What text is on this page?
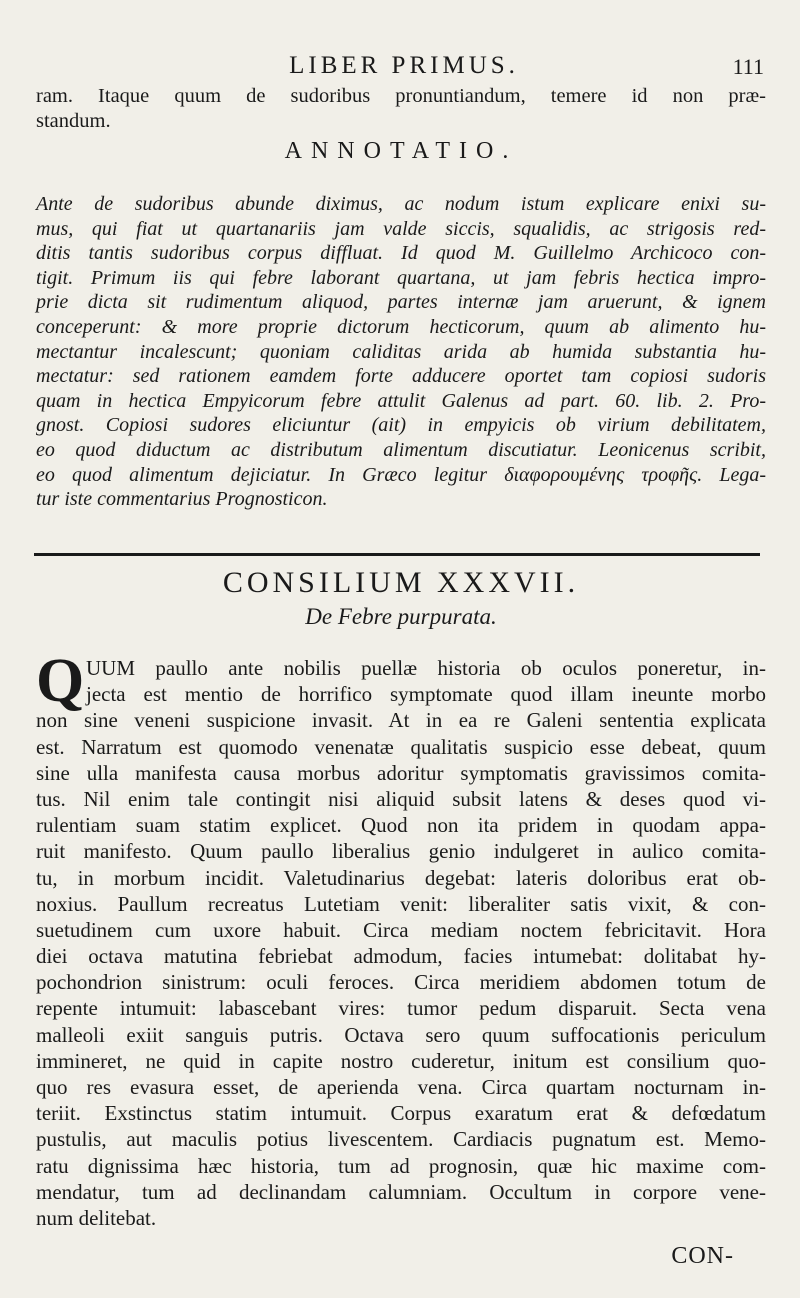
LIBER PRIMUS.	111
ram. Itaque quum de sudoribus pronuntiandum, temere id non præ-
standum.
ANNOTATIO.
Ante de sudoribus abunde diximus, ac nodum istum explicare enixi su-
mus, qui fiat ut quartanariis jam valde siccis, squalidis, ac strigosis red-
ditis tantis sudoribus corpus diffluat. Id quod M. Guillelmo Archicoco con-
tigit. Primum iis qui febre laborant quartana, ut jam febris hectica impro-
prie dicta sit rudimentum aliquod, partes internæ jam aruerunt, & ignem
conceperunt: & more proprie dictorum hecticorum, quum ab alimento hu-
mectantur incalescunt; quoniam caliditas arida ab humida substantia hu-
mectatur: sed rationem eamdem forte adducere oportet tam copiosi sudoris
quam in hectica Empyicorum febre attulit Galenus ad part. 60. lib. 2. Pro-
gnost. Copiosi sudores eliciuntur (ait) in empyicis ob virium debilitatem,
eo quod diductum ac distributum alimentum discutiatur. Leonicenus scribit,
eo quod alimentum dejiciatur. In Græco legitur διαφορουμένης τροφῆς. Lega-
tur iste commentarius Prognosticon.
CONSILIUM XXXVII.
De Febre purpurata.
Q UUM paullo ante nobilis puellæ historia ob oculos poneretur, in-
jecta est mentio de horrifico symptomate quod illam ineunte morbo
non sine veneni suspicione invasit. At in ea re Galeni sententia explicata
est. Narratum est quomodo venenatæ qualitatis suspicio esse debeat, quum
sine ulla manifesta causa morbus adoritur symptomatis gravissimos comita-
tus. Nil enim tale contingit nisi aliquid subsit latens & deses quod vi-
rulentiam suam statim explicet. Quod non ita pridem in quodam appa-
ruit manifesto. Quum paullo liberalius genio indulgeret in aulico comita-
tu, in morbum incidit. Valetudinarius degebat: lateris doloribus erat ob-
noxius. Paullum recreatus Lutetiam venit: liberaliter satis vixit, & con-
suetudinem cum uxore habuit. Circa mediam noctem febricitavit. Hora
diei octava matutina febriebat admodum, facies intumebat: dolitabat hy-
pochondrion sinistrum: oculi feroces. Circa meridiem abdomen totum de
repente intumuit: labascebant vires: tumor pedum disparuit. Secta vena
malleoli exiit sanguis putris. Octava sero quum suffocationis periculum
immineret, ne quid in capite nostro cuderetur, initum est consilium quo-
quo res evasura esset, de aperienda vena. Circa quartam nocturnam in-
teriit. Exstinctus statim intumuit. Corpus exaratum erat & defœdatum
pustulis, aut maculis potius livescentem. Cardiacis pugnatum est. Memo-
ratu dignissima hæc historia, tum ad prognosin, quæ hic maxime com-
mendatur, tum ad declinandam calumniam. Occultum in corpore vene-
num delitebat.
CON-
